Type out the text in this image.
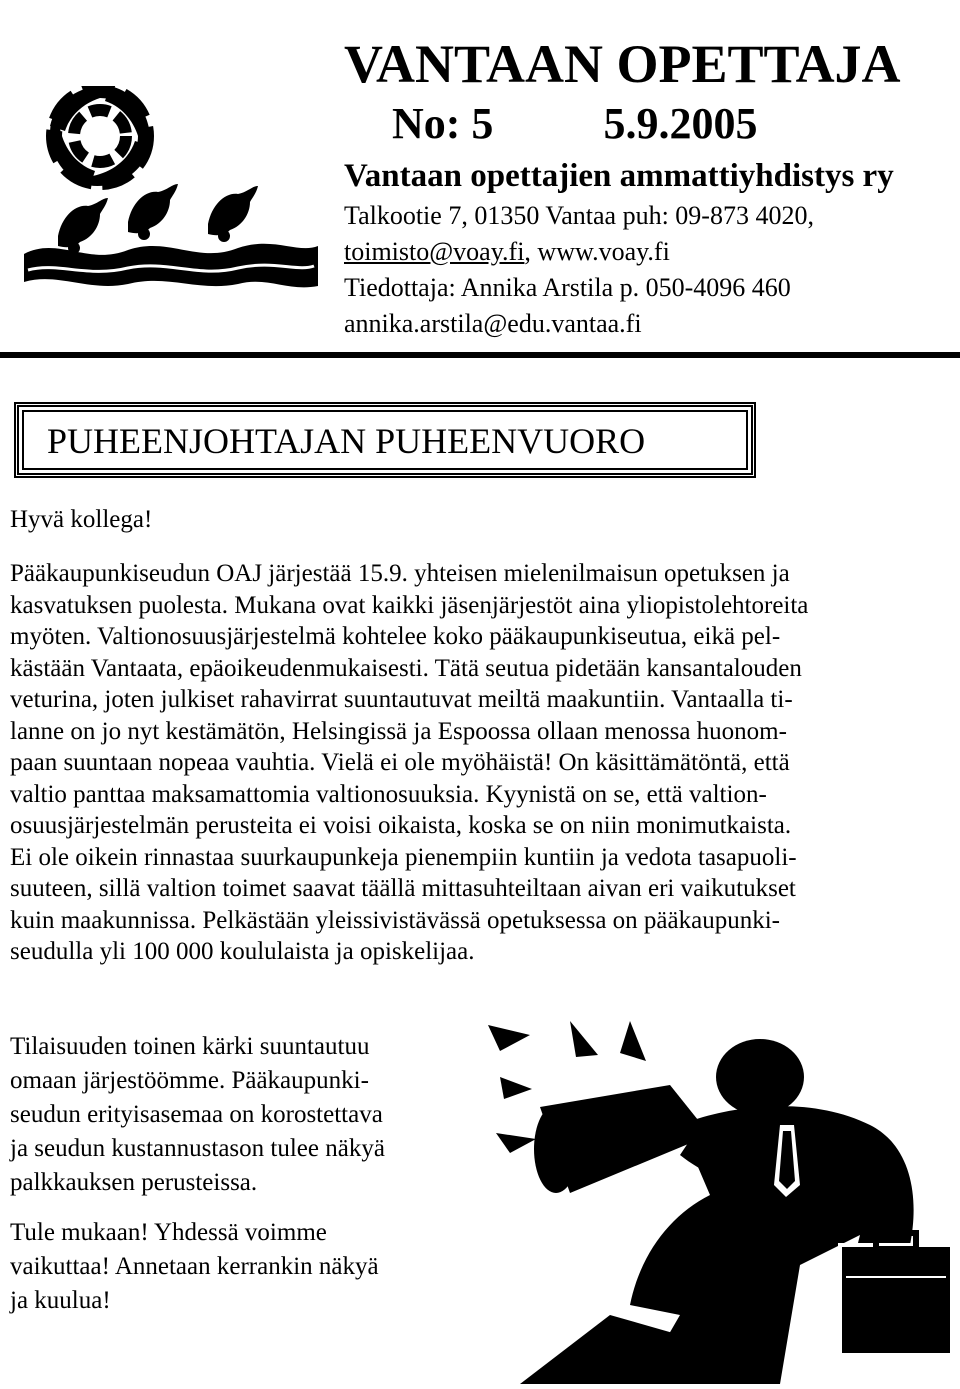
VANTAAN OPETTAJA
No: 5	5.9.2005
Vantaan opettajien ammattiyhdistys ry
Talkootie 7, 01350 Vantaa puh: 09-873 4020,
toimisto@voay.fi, www.voay.fi
Tiedottaja: Annika Arstila p. 050-4096 460
annika.arstila@edu.vantaa.fi
PUHEENJOHTAJAN PUHEENVUORO
Hyvä kollega!
Pääkaupunkiseudun OAJ järjestää 15.9. yhteisen mielenilmaisun opetuksen ja
kasvatuksen puolesta. Mukana ovat kaikki jäsenjärjestöt aina yliopistolehtoreita
myöten. Valtionosuusjärjestelmä kohtelee koko pääkaupunkiseutua, eikä pel-
kästään Vantaata, epäoikeudenmukaisesti. Tätä seutua pidetään kansantalouden
veturina, joten julkiset rahavirrat suuntautuvat meiltä maakuntiin. Vantaalla ti-
lanne on jo nyt kestämätön, Helsingissä ja Espoossa ollaan menossa huonom-
paan suuntaan nopeaa vauhtia. Vielä ei ole myöhäistä! On käsittämätöntä, että
valtio panttaa maksamattomia valtionosuuksia. Kyynistä on se, että valtion-
osuusjärjestelmän perusteita ei voisi oikaista, koska se on niin monimutkaista.
Ei ole oikein rinnastaa suurkaupunkeja pienempiin kuntiin ja vedota tasapuoli-
suuteen, sillä valtion toimet saavat täällä mittasuhteiltaan aivan eri vaikutukset
kuin maakunnissa. Pelkästään yleissivistävässä opetuksessa on pääkaupunki-
seudulla yli 100 000 koululaista ja opiskelijaa.
Tilaisuuden toinen kärki suuntautuu
omaan järjestöömme. Pääkaupunki-
seudun erityisasemaa on korostettava
ja seudun kustannustason tulee näkyä
palkkauksen perusteissa.
Tule mukaan! Yhdessä voimme
vaikuttaa! Annetaan kerrankin näkyä
ja kuulua!
